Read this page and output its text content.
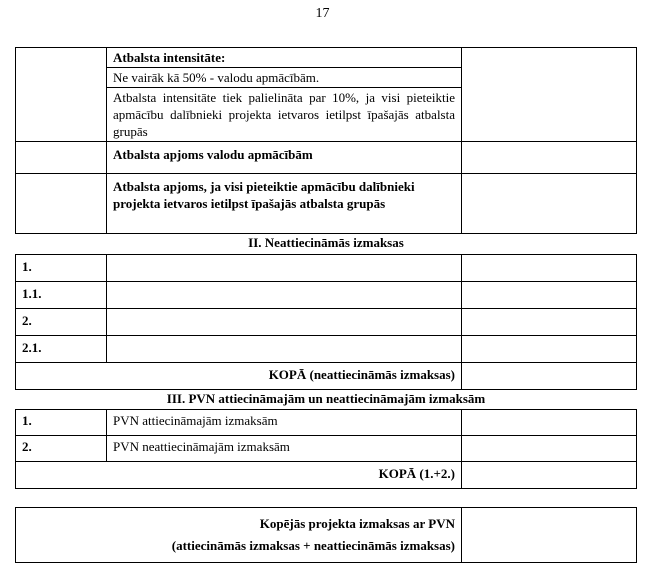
17
	Atbalsta intensitāte:	
	Ne vairāk kā 50% - valodu apmācībām.	
	Atbalsta intensitāte tiek palielināta par 10%, ja visi pieteiktie apmācību dalībnieki projekta ietvaros ietilpst īpašajās atbalsta grupās	
	Atbalsta apjoms valodu apmācībām	
	Atbalsta apjoms, ja visi pieteiktie apmācību dalībnieki projekta ietvaros ietilpst īpašajās atbalsta grupās	
II. Neattiecināmās izmaksas		
1.		
1.1.		
2.		
2.1.		
KOPĀ (neattiecināmās izmaksas)		
III. PVN attiecināmajām un neattiecināmajām izmaksām		
1.	PVN attiecināmajām izmaksām	
2.	PVN neattiecināmajām izmaksām	
KOPĀ (1.+2.)		

Kopējās projekta izmaksas ar PVN
(attiecināmās izmaksas + neattiecināmās izmaksas)		
